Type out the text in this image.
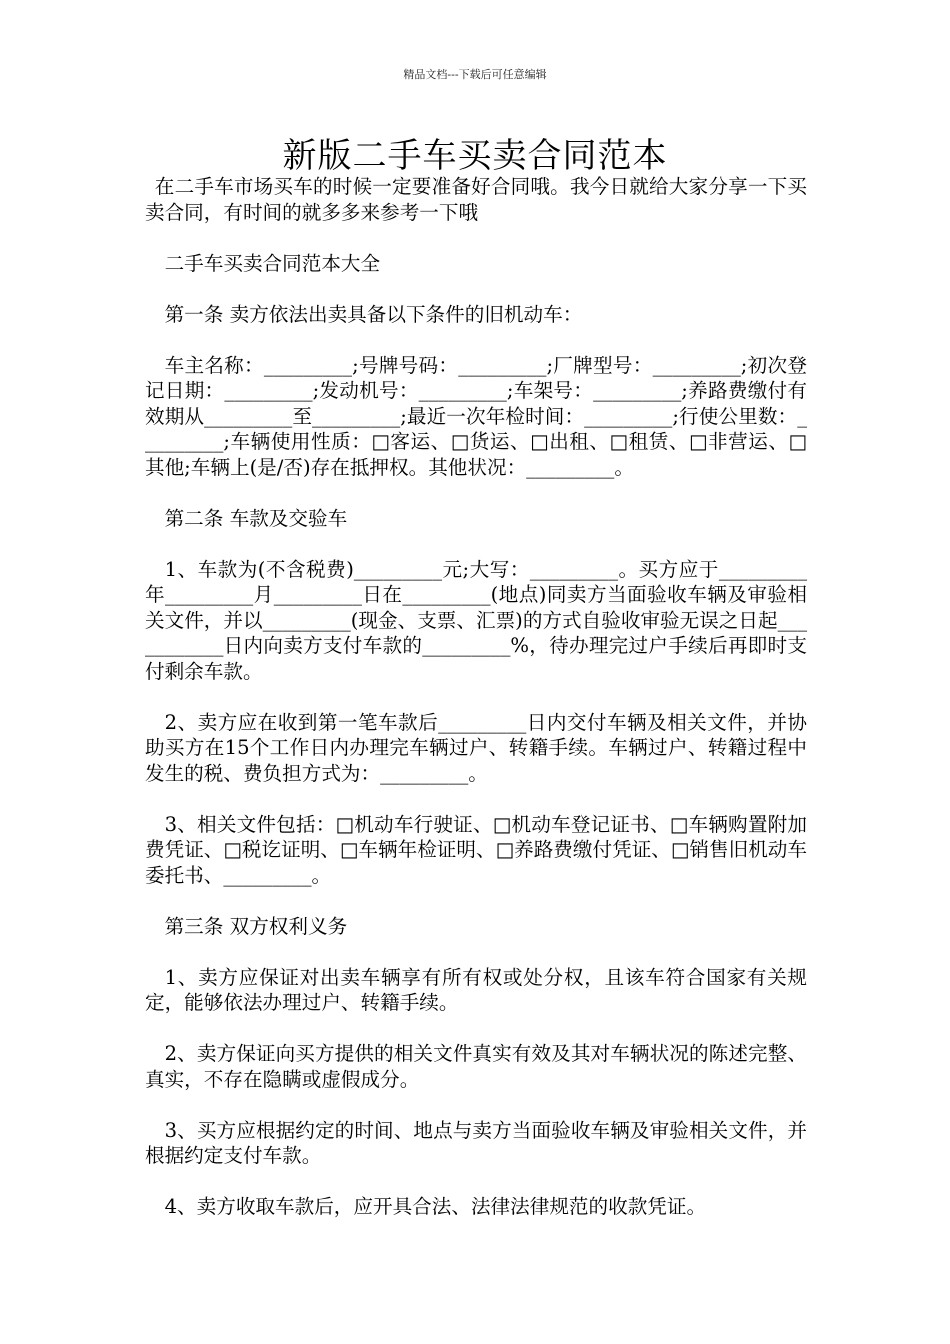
精品文档---下载后可任意编辑
新版二手车买卖合同范本

在二手车市场买车的时候一定要准备好合同哦。我今日就给大家分享一下买卖合同，有时间的就多多来参考一下哦

二手车买卖合同范本大全

第一条 卖方依法出卖具备以下条件的旧机动车：

车主名称：_________;号牌号码：_________;厂牌型号：_________;初次登记日期：_________;发动机号：_________;车架号：_________;养路费缴付有效期从_________至_________;最近一次年检时间：_________;行使公里数：_________;车辆使用性质：□客运、□货运、□出租、□租赁、□非营运、□其他;车辆上(是/否)存在抵押权。其他状况：_________。

第二条 车款及交验车

1、车款为(不含税费)_________元;大写：_________。买方应于_________年_________月_________日在_________(地点)同卖方当面验收车辆及审验相关文件，并以_________(现金、支票、汇票)的方式自验收审验无误之日起___________日内向卖方支付车款的_________%，待办理完过户手续后再即时支付剩余车款。

2、卖方应在收到第一笔车款后_________日内交付车辆及相关文件，并协助买方在15个工作日内办理完车辆过户、转籍手续。车辆过户、转籍过程中发生的税、费负担方式为：_________。

3、相关文件包括：□机动车行驶证、□机动车登记证书、□车辆购置附加费凭证、□税讫证明、□车辆年检证明、□养路费缴付凭证、□销售旧机动车委托书、_________。

第三条 双方权利义务

1、卖方应保证对出卖车辆享有所有权或处分权，且该车符合国家有关规定，能够依法办理过户、转籍手续。

2、卖方保证向买方提供的相关文件真实有效及其对车辆状况的陈述完整、真实，不存在隐瞒或虚假成分。

3、买方应根据约定的时间、地点与卖方当面验收车辆及审验相关文件，并根据约定支付车款。

4、卖方收取车款后，应开具合法、法律法律规范的收款凭证。
